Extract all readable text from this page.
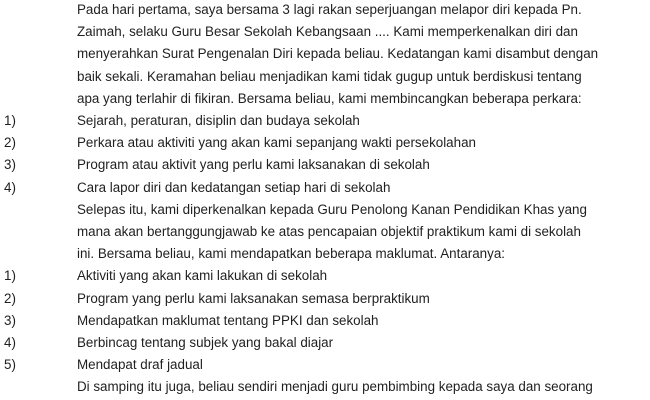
Pada hari pertama, saya bersama 3 lagi rakan seperjuangan melapor diri kepada Pn.
Zaimah, selaku Guru Besar Sekolah Kebangsaan .... Kami memperkenalkan diri dan
menyerahkan Surat Pengenalan Diri kepada beliau. Kedatangan kami disambut dengan
baik sekali. Keramahan beliau menjadikan kami tidak gugup untuk berdiskusi tentang
apa yang terlahir di fikiran. Bersama beliau, kami membincangkan beberapa perkara:
1)	Sejarah, peraturan, disiplin dan budaya sekolah
2)	Perkara atau aktiviti yang akan kami sepanjang wakti persekolahan
3)	Program atau aktivit yang perlu kami laksanakan di sekolah
4)	Cara lapor diri dan kedatangan setiap hari di sekolah
Selepas itu, kami diperkenalkan kepada Guru Penolong Kanan Pendidikan Khas yang
mana akan bertanggungjawab ke atas pencapaian objektif praktikum kami di sekolah
ini. Bersama beliau, kami mendapatkan beberapa maklumat. Antaranya:
1)	Aktiviti yang akan kami lakukan di sekolah
2)	Program yang perlu kami laksanakan semasa berpraktikum
3)	Mendapatkan maklumat tentang PPKI dan sekolah
4)	Berbincag tentang subjek yang bakal diajar
5)	Mendapat draf jadual
Di samping itu juga, beliau sendiri menjadi guru pembimbing kepada saya dan seorang
